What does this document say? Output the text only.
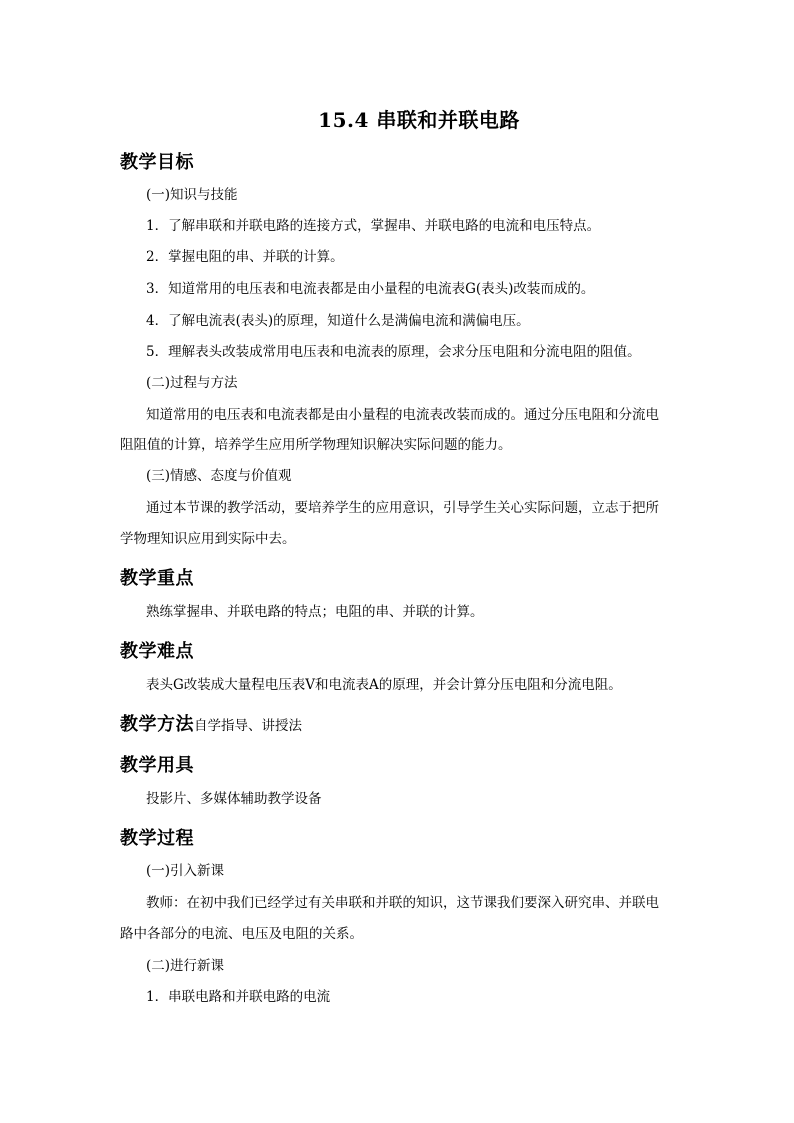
15.4 串联和并联电路
教学目标
(一)知识与技能
1．了解串联和并联电路的连接方式，掌握串、并联电路的电流和电压特点。
2．掌握电阻的串、并联的计算。
3．知道常用的电压表和电流表都是由小量程的电流表G(表头)改装而成的。
4．了解电流表(表头)的原理，知道什么是满偏电流和满偏电压。
5．理解表头改装成常用电压表和电流表的原理，会求分压电阻和分流电阻的阻值。
(二)过程与方法
知道常用的电压表和电流表都是由小量程的电流表改装而成的。通过分压电阻和分流电
阻阻值的计算，培养学生应用所学物理知识解决实际问题的能力。
(三)情感、态度与价值观
通过本节课的教学活动，要培养学生的应用意识，引导学生关心实际问题，立志于把所
学物理知识应用到实际中去。
教学重点
熟练掌握串、并联电路的特点；电阻的串、并联的计算。
教学难点
表头G改装成大量程电压表V和电流表A的原理，并会计算分压电阻和分流电阻。
教学方法自学指导、讲授法
教学用具
投影片、多媒体辅助教学设备
教学过程
(一)引入新课
教师：在初中我们已经学过有关串联和并联的知识，这节课我们要深入研究串、并联电
路中各部分的电流、电压及电阻的关系。
(二)进行新课
1．串联电路和并联电路的电流
